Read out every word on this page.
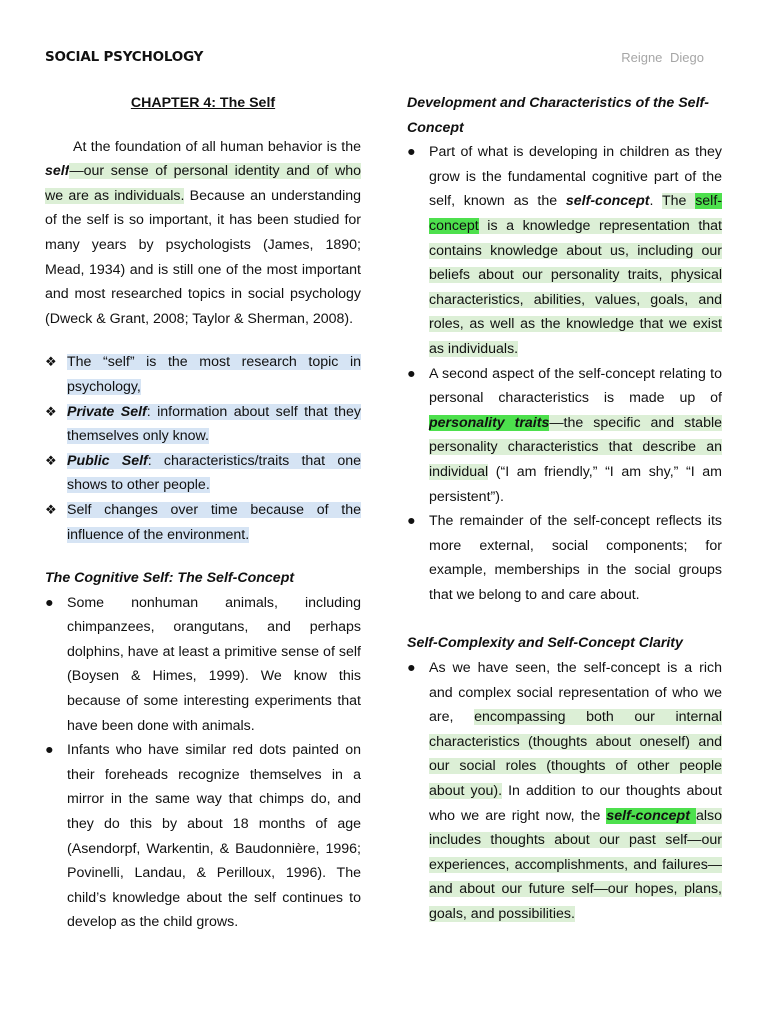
SOCIAL PSYCHOLOGY	Reigne Diego

CHAPTER 4: The Self

At the foundation of all human behavior is the self—our sense of personal identity and of who we are as individuals. Because an understanding of the self is so important, it has been studied for many years by psychologists (James, 1890; Mead, 1934) and is still one of the most important and most researched topics in social psychology (Dweck & Grant, 2008; Taylor & Sherman, 2008).

❖ The “self” is the most research topic in psychology,
❖ Private Self: information about self that they themselves only know.
❖ Public Self: characteristics/traits that one shows to other people.
❖ Self changes over time because of the influence of the environment.

The Cognitive Self: The Self-Concept

● Some nonhuman animals, including chimpanzees, orangutans, and perhaps dolphins, have at least a primitive sense of self (Boysen & Himes, 1999). We know this because of some interesting experiments that have been done with animals.
● Infants who have similar red dots painted on their foreheads recognize themselves in a mirror in the same way that chimps do, and they do this by about 18 months of age (Asendorpf, Warkentin, & Baudonnière, 1996; Povinelli, Landau, & Perilloux, 1996). The child’s knowledge about the self continues to develop as the child grows.

Development and Characteristics of the Self-Concept

● Part of what is developing in children as they grow is the fundamental cognitive part of the self, known as the self-concept. The self-concept is a knowledge representation that contains knowledge about us, including our beliefs about our personality traits, physical characteristics, abilities, values, goals, and roles, as well as the knowledge that we exist as individuals.
● A second aspect of the self-concept relating to personal characteristics is made up of personality traits—the specific and stable personality characteristics that describe an individual (“I am friendly,” “I am shy,” “I am persistent”).
● The remainder of the self-concept reflects its more external, social components; for example, memberships in the social groups that we belong to and care about.

Self-Complexity and Self-Concept Clarity

● As we have seen, the self-concept is a rich and complex social representation of who we are, encompassing both our internal characteristics (thoughts about oneself) and our social roles (thoughts of other people about you). In addition to our thoughts about who we are right now, the self-concept also includes thoughts about our past self—our experiences, accomplishments, and failures—and about our future self—our hopes, plans, goals, and possibilities.
